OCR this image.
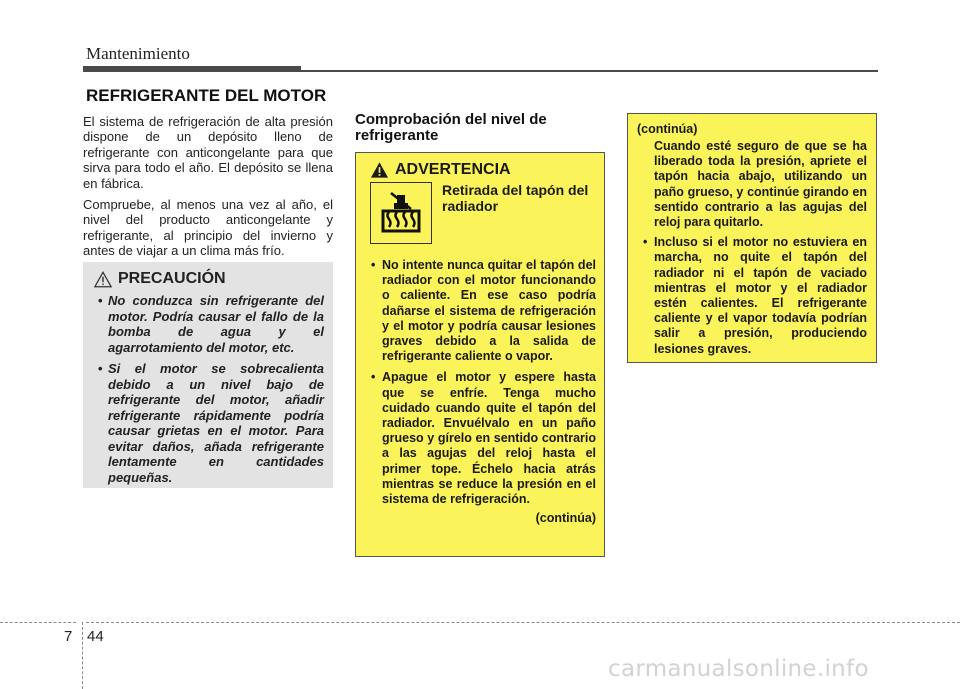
Mantenimiento
REFRIGERANTE DEL MOTOR

El sistema de refrigeración de alta presión dispone de un depósito lleno de refrigerante con anticongelante para que sirva para todo el año. El depósito se llena en fábrica.

Compruebe, al menos una vez al año, el nivel del producto anticongelante y refrigerante, al principio del invierno y antes de viajar a un clima más frío.

PRECAUCIÓN
• No conduzca sin refrigerante del motor. Podría causar el fallo de la bomba de agua y el agarrotamiento del motor, etc.
• Si el motor se sobrecalienta debido a un nivel bajo de refrigerante del motor, añadir refrigerante rápidamente podría causar grietas en el motor. Para evitar daños, añada refrigerante lentamente en cantidades pequeñas.
Comprobación del nivel de refrigerante
ADVERTENCIA
Retirada del tapón del radiador
• No intente nunca quitar el tapón del radiador con el motor funcionando o caliente. En ese caso podría dañarse el sistema de refrigeración y el motor y podría causar lesiones graves debido a la salida de refrigerante caliente o vapor.
• Apague el motor y espere hasta que se enfríe. Tenga mucho cuidado cuando quite el tapón del radiador. Envuélvalo en un paño grueso y gírelo en sentido contrario a las agujas del reloj hasta el primer tope. Échelo hacia atrás mientras se reduce la presión en el sistema de refrigeración.
(continúa)
(continúa)

Cuando esté seguro de que se ha liberado toda la presión, apriete el tapón hacia abajo, utilizando un paño grueso, y continúe girando en sentido contrario a las agujas del reloj para quitarlo.

• Incluso si el motor no estuviera en marcha, no quite el tapón del radiador ni el tapón de vaciado mientras el motor y el radiador estén calientes. El refrigerante caliente y el vapor todavía podrían salir a presión, produciendo lesiones graves.
7 44
carmanualsonline.info
